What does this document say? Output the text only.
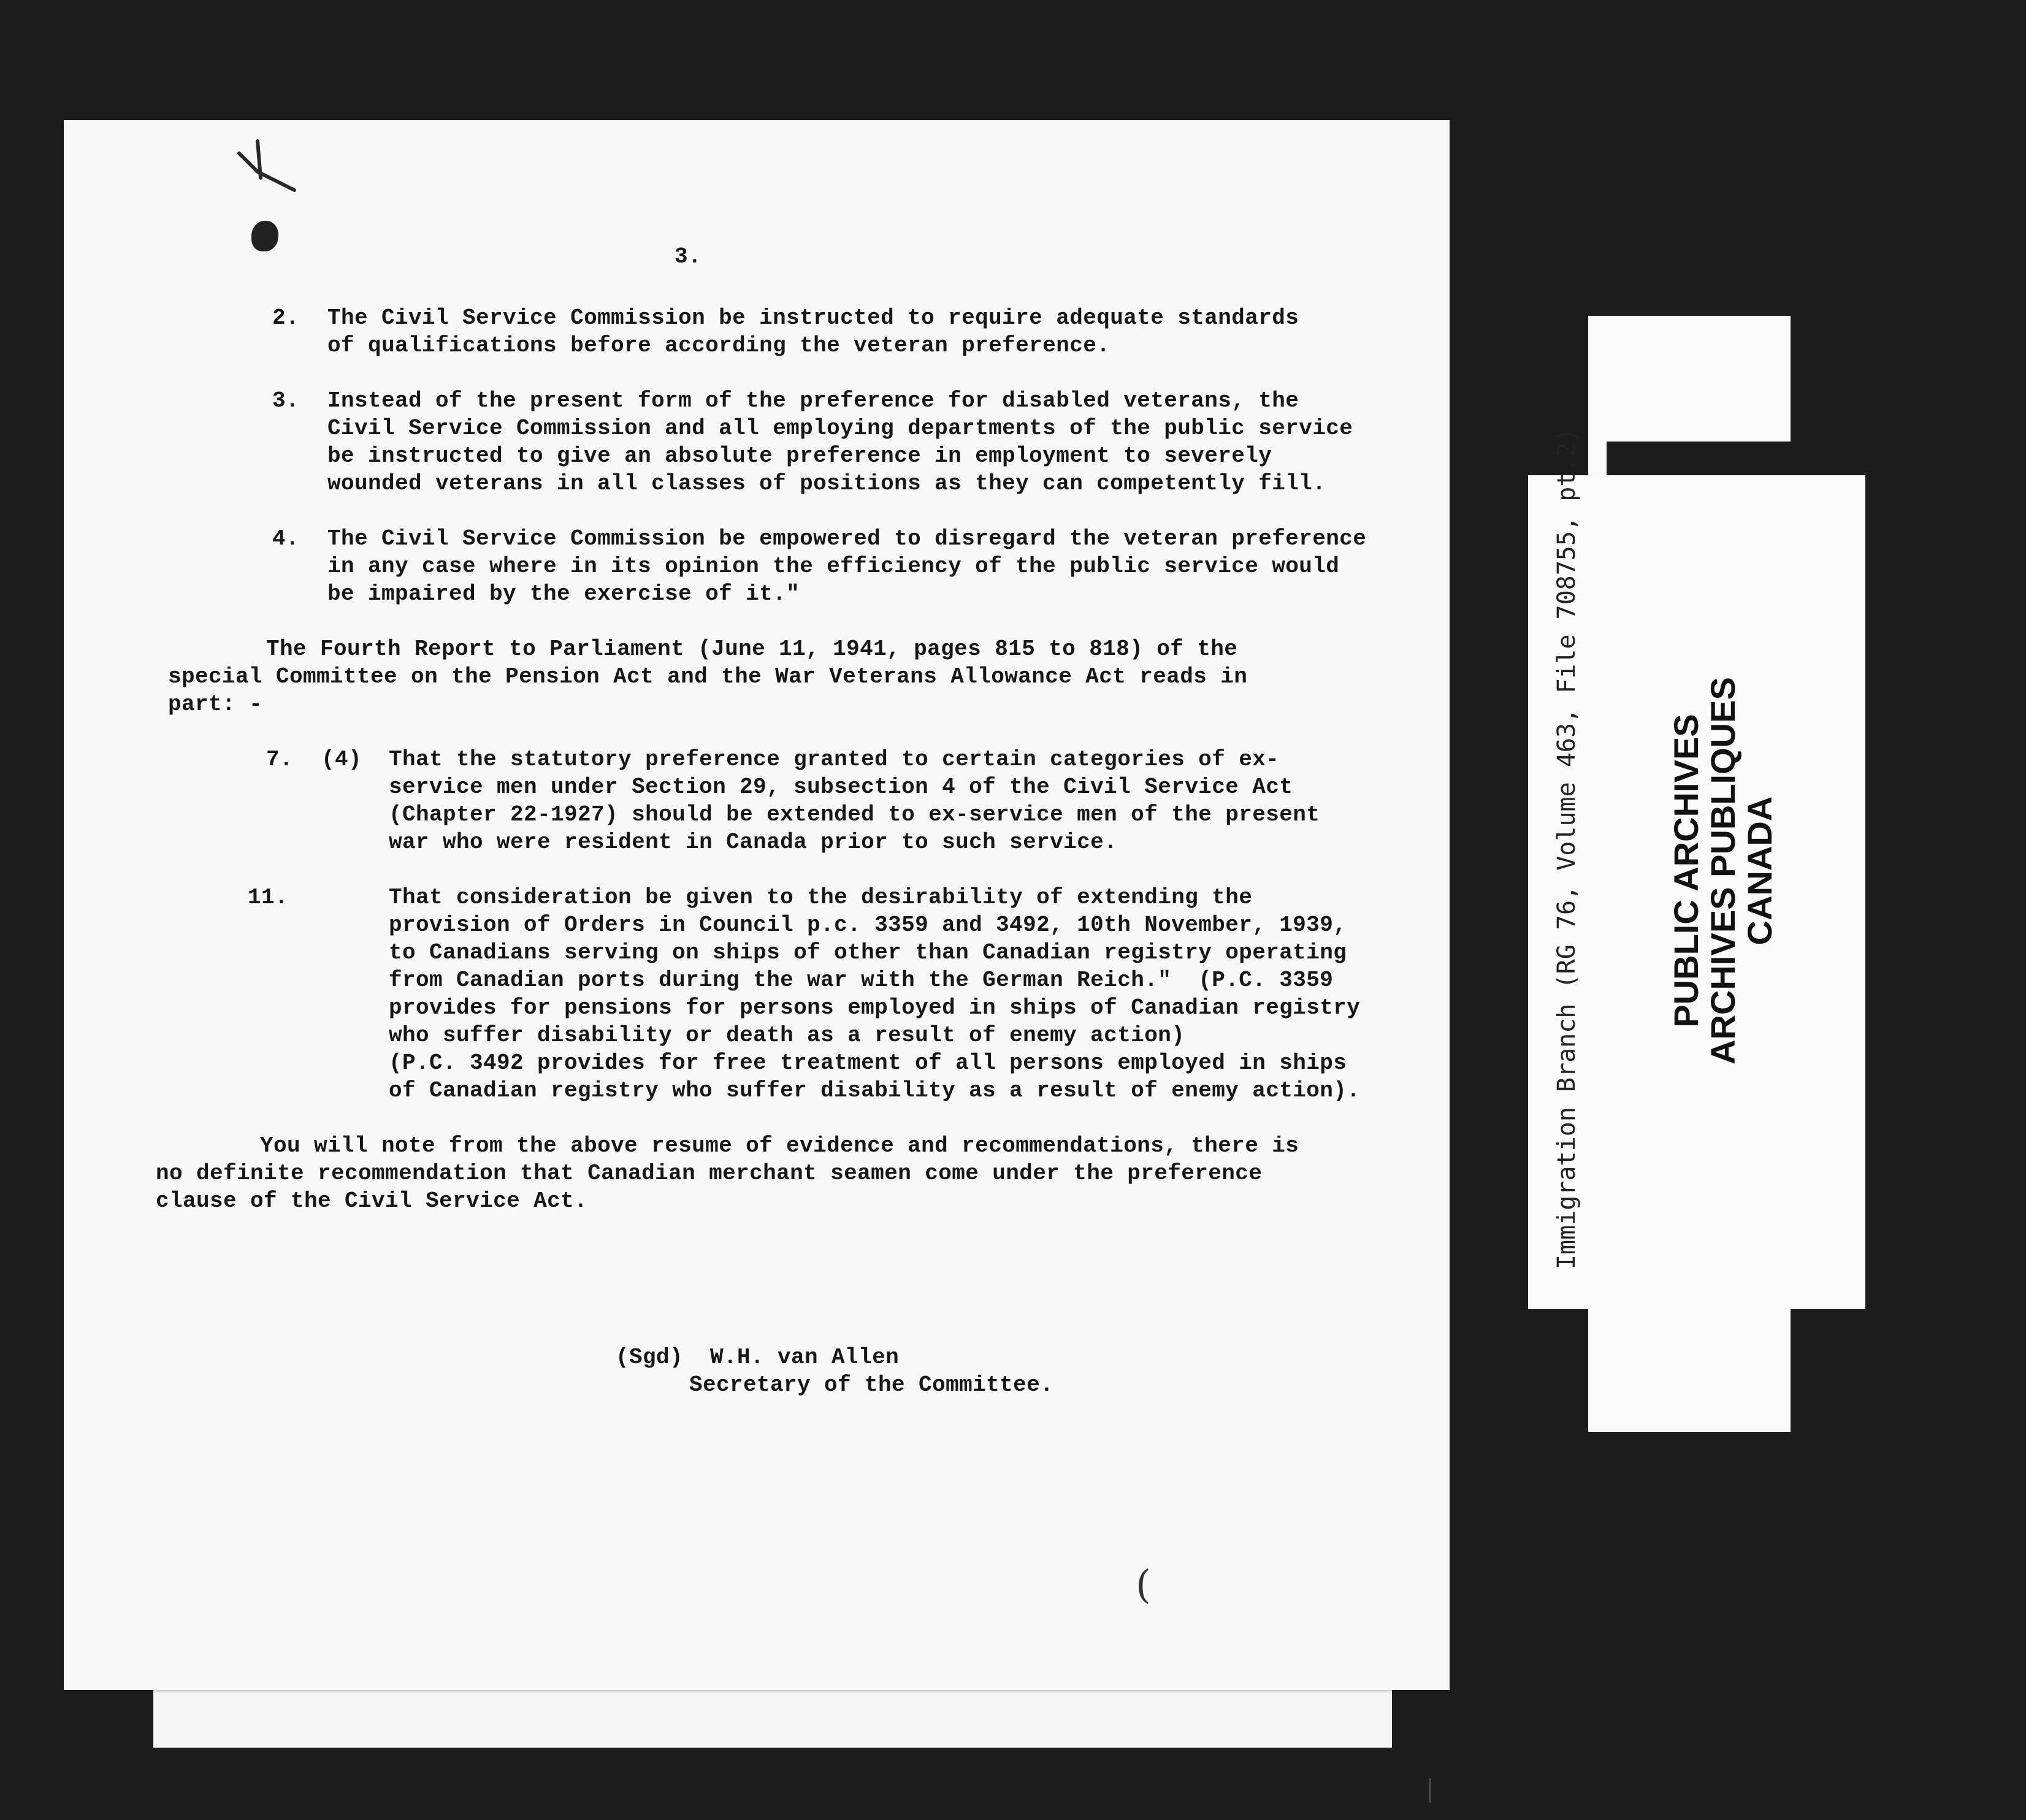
3.

2.

The Civil Service Commission be instructed to require adequate standards

of qualifications before according the veteran preference.

3.

Instead of the present form of the preference for disabled veterans, the

Civil Service Commission and all employing departments of the public service

be instructed to give an absolute preference in employment to severely

wounded veterans in all classes of positions as they can competently fill.

4.

The Civil Service Commission be empowered to disregard the veteran preference

in any case where in its opinion the efficiency of the public service would

be impaired by the exercise of it."

The Fourth Report to Parliament (June 11, 1941, pages 815 to 818) of the

special Committee on the Pension Act and the War Veterans Allowance Act reads in

part: -

7.

(4)

That the statutory preference granted to certain categories of ex-

service men under Section 29, subsection 4 of the Civil Service Act

(Chapter 22-1927) should be extended to ex-service men of the present

war who were resident in Canada prior to such service.

11.

	That consideration be given to the desirability of extending the

provision of Orders in Council p.c. 3359 and 3492, 10th November, 1939,

to Canadians serving on ships of other than Canadian registry operating

from Canadian ports during the war with the German Reich."  (P.C. 3359

provides for pensions for persons employed in ships of Canadian registry

who suffer disability or death as a result of enemy action)

(P.C. 3492 provides for free treatment of all persons employed in ships

of Canadian registry who suffer disability as a result of enemy action).

You will note from the above resume of evidence and recommendations, there is

no definite recommendation that Canadian merchant seamen come under the preference

clause of the Civil Service Act.

(Sgd)  W.H. van Allen

Secretary of the Committee.

(
Immigration Branch (RG 76, Volume 463, File 708755, pt.2)	PUBLIC ARCHIVES
ARCHIVES PUBLIQUES
CANADA
